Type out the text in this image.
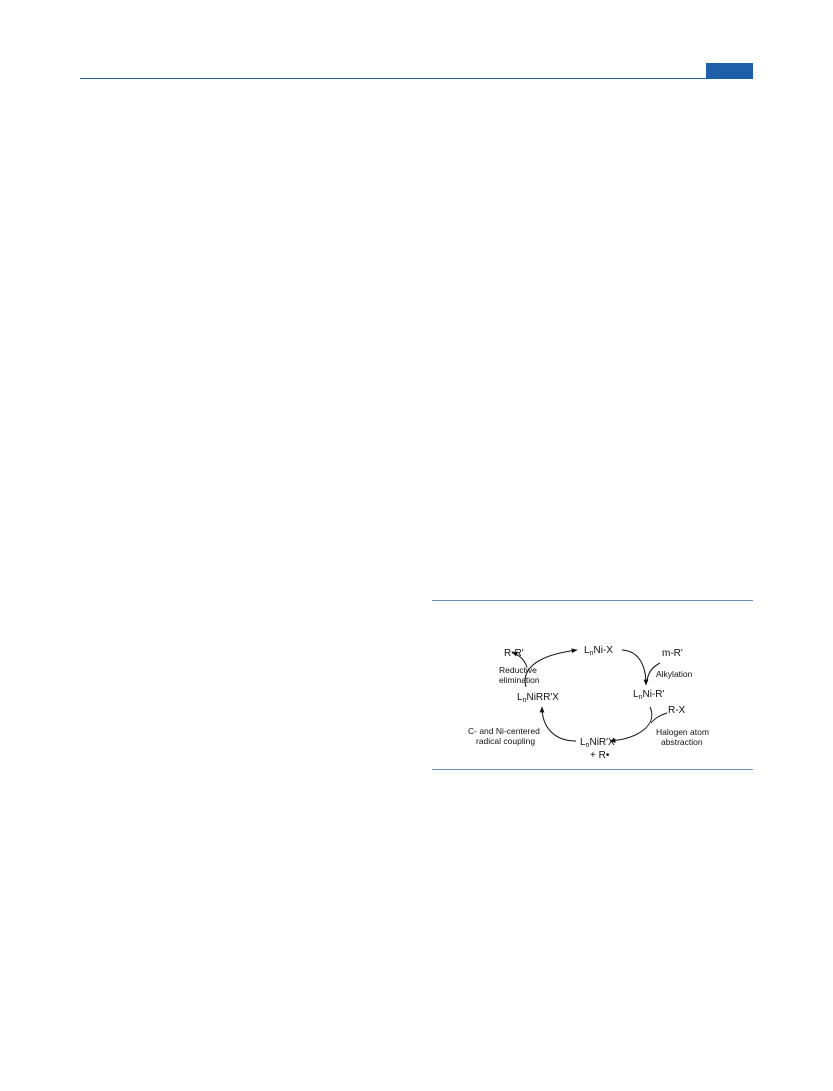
R-R'	$L_nNi-X$	m-R'
$L_nNi-R'$
R-X
$L_nNiR'X$
+ R•
$L_nNiRR'X$
Reductive
elimination
Alkylation
Halogen atom
abstraction
C- and Ni-centered
radical coupling
